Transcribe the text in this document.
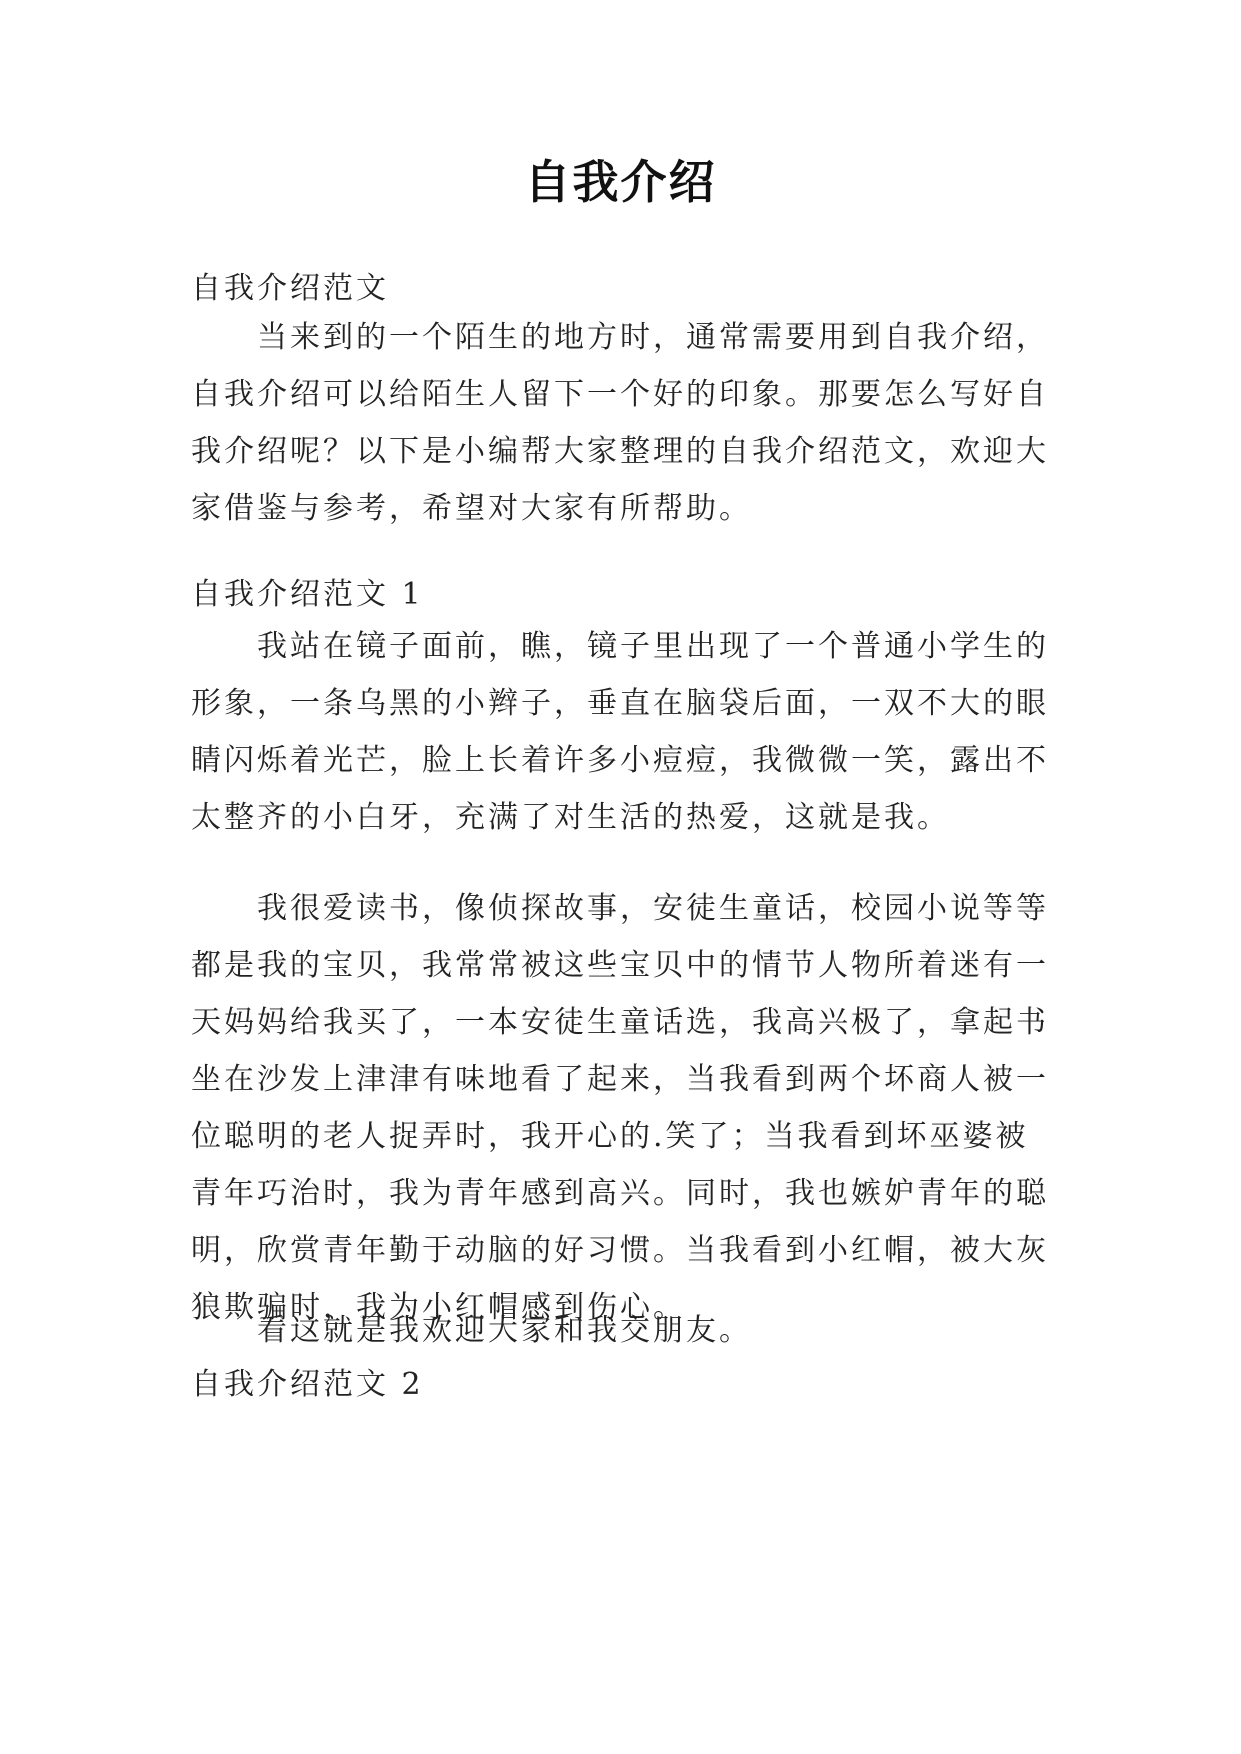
自我介绍

自我介绍范文

当来到的一个陌生的地方时，通常需要用到自我介绍，自我介绍可以给陌生人留下一个好的印象。那要怎么写好自我介绍呢？以下是小编帮大家整理的自我介绍范文，欢迎大家借鉴与参考，希望对大家有所帮助。

自我介绍范文 1

我站在镜子面前，瞧，镜子里出现了一个普通小学生的形象，一条乌黑的小辫子，垂直在脑袋后面，一双不大的眼睛闪烁着光芒，脸上长着许多小痘痘，我微微一笑，露出不太整齐的小白牙，充满了对生活的热爱，这就是我。

我很爱读书，像侦探故事，安徒生童话，校园小说等等都是我的宝贝，我常常被这些宝贝中的情节人物所着迷有一天妈妈给我买了，一本安徒生童话选，我高兴极了，拿起书坐在沙发上津津有味地看了起来，当我看到两个坏商人被一位聪明的老人捉弄时，我开心的.笑了；当我看到坏巫婆被青年巧治时，我为青年感到高兴。同时，我也嫉妒青年的聪明，欣赏青年勤于动脑的好习惯。当我看到小红帽，被大灰狼欺骗时，我为小红帽感到伤心。

看这就是我欢迎大家和我交朋友。

自我介绍范文 2
